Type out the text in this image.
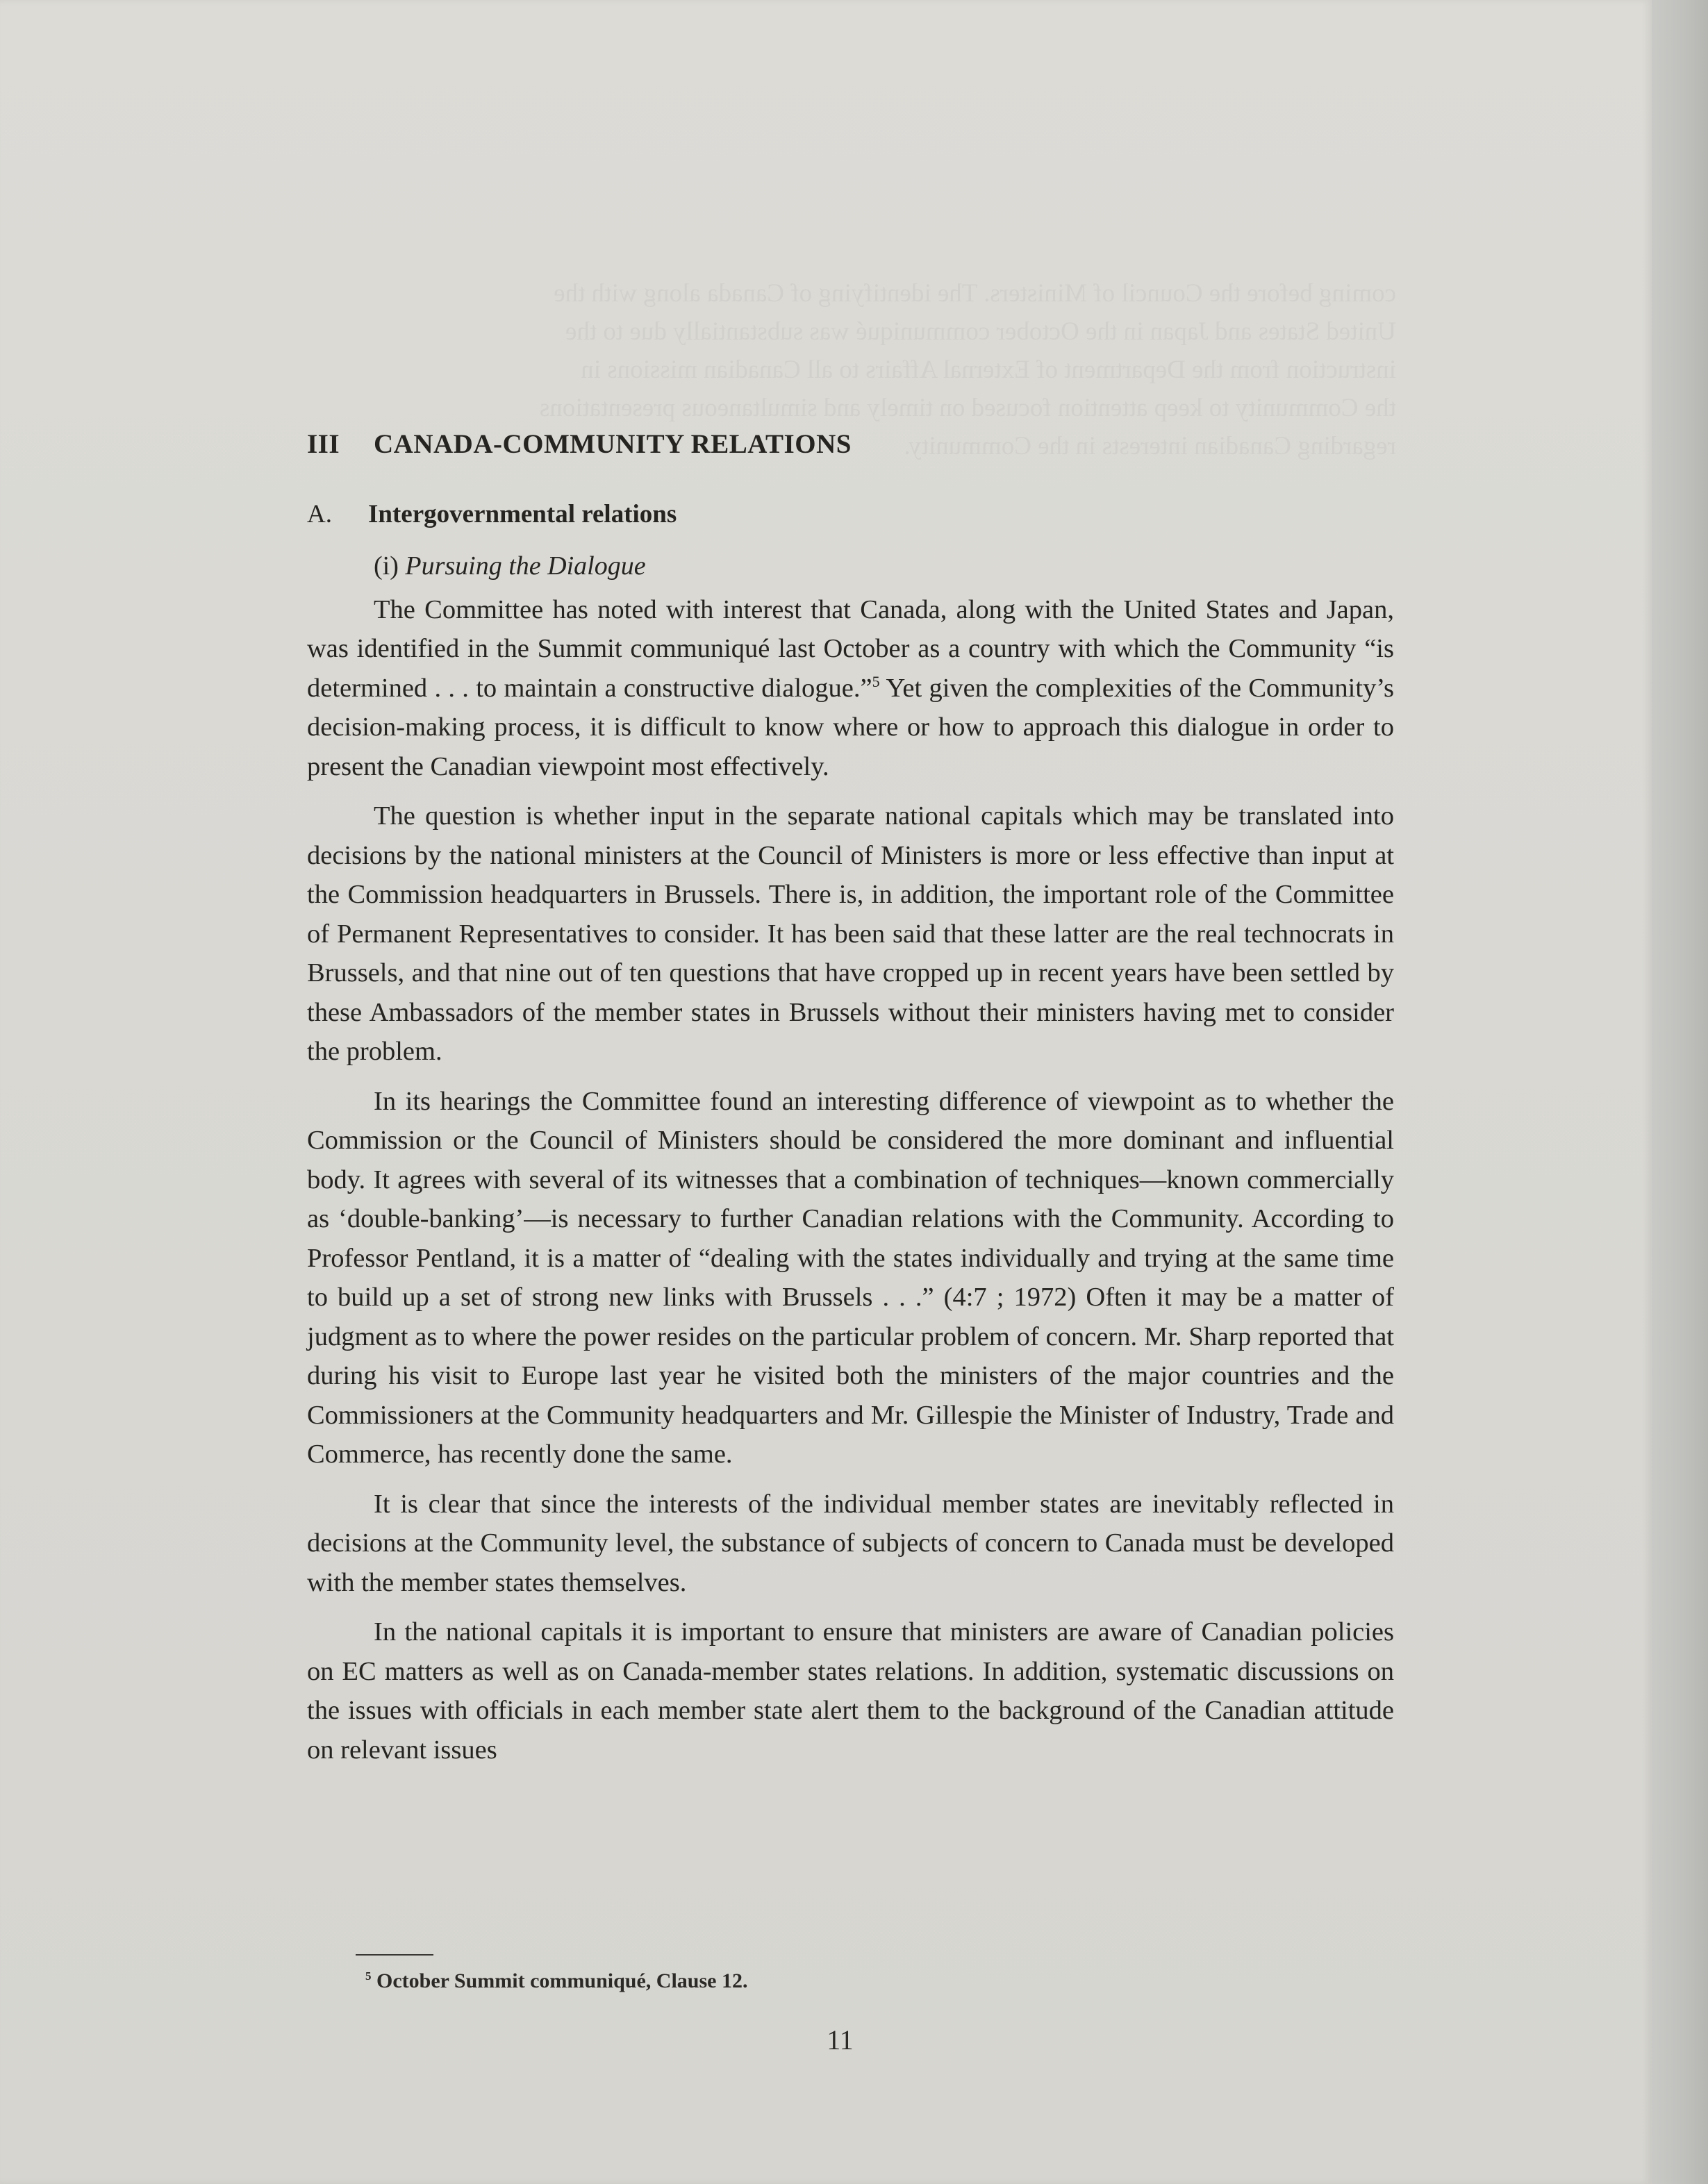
coming before the Council of Ministers. The identifying of Canada along with the
United States and Japan in the October communiqué was substantially due to the
instruction from the Department of External Affairs to all Canadian missions in
the Community to keep attention focused on timely and simultaneous presentations
regarding Canadian interests in the Community.
III CANADA-COMMUNITY RELATIONS
A. Intergovernmental relations
(i) Pursuing the Dialogue

The Committee has noted with interest that Canada, along with the United States and Japan, was identified in the Summit communiqué last October as a country with which the Community “is determined . . . to maintain a constructive dialogue.”$^5$ Yet given the complexities of the Community’s decision-making process, it is difficult to know where or how to approach this dialogue in order to present the Canadian viewpoint most effectively.

The question is whether input in the separate national capitals which may be translated into decisions by the national ministers at the Council of Ministers is more or less effective than input at the Commission headquarters in Brussels. There is, in addition, the important role of the Committee of Permanent Representatives to consider. It has been said that these latter are the real technocrats in Brussels, and that nine out of ten questions that have cropped up in recent years have been settled by these Ambassadors of the member states in Brussels without their ministers having met to consider the problem.

In its hearings the Committee found an interesting difference of viewpoint as to whether the Commission or the Council of Ministers should be considered the more dominant and influential body. It agrees with several of its witnesses that a combination of techniques—known commercially as ‘double-banking’—is necessary to further Canadian relations with the Community. According to Professor Pentland, it is a matter of “dealing with the states individually and trying at the same time to build up a set of strong new links with Brussels . . .” (4:7 ; 1972) Often it may be a matter of judgment as to where the power resides on the particular problem of concern. Mr. Sharp reported that during his visit to Europe last year he visited both the ministers of the major countries and the Commissioners at the Community headquarters and Mr. Gillespie the Minister of Industry, Trade and Commerce, has recently done the same.

It is clear that since the interests of the individual member states are inevitably reflected in decisions at the Community level, the substance of subjects of concern to Canada must be developed with the member states themselves.

In the national capitals it is important to ensure that ministers are aware of Canadian policies on EC matters as well as on Canada-member states relations. In addition, systematic discussions on the issues with officials in each member state alert them to the background of the Canadian attitude on relevant issues

$^5$ October Summit communiqué, Clause 12.
11
